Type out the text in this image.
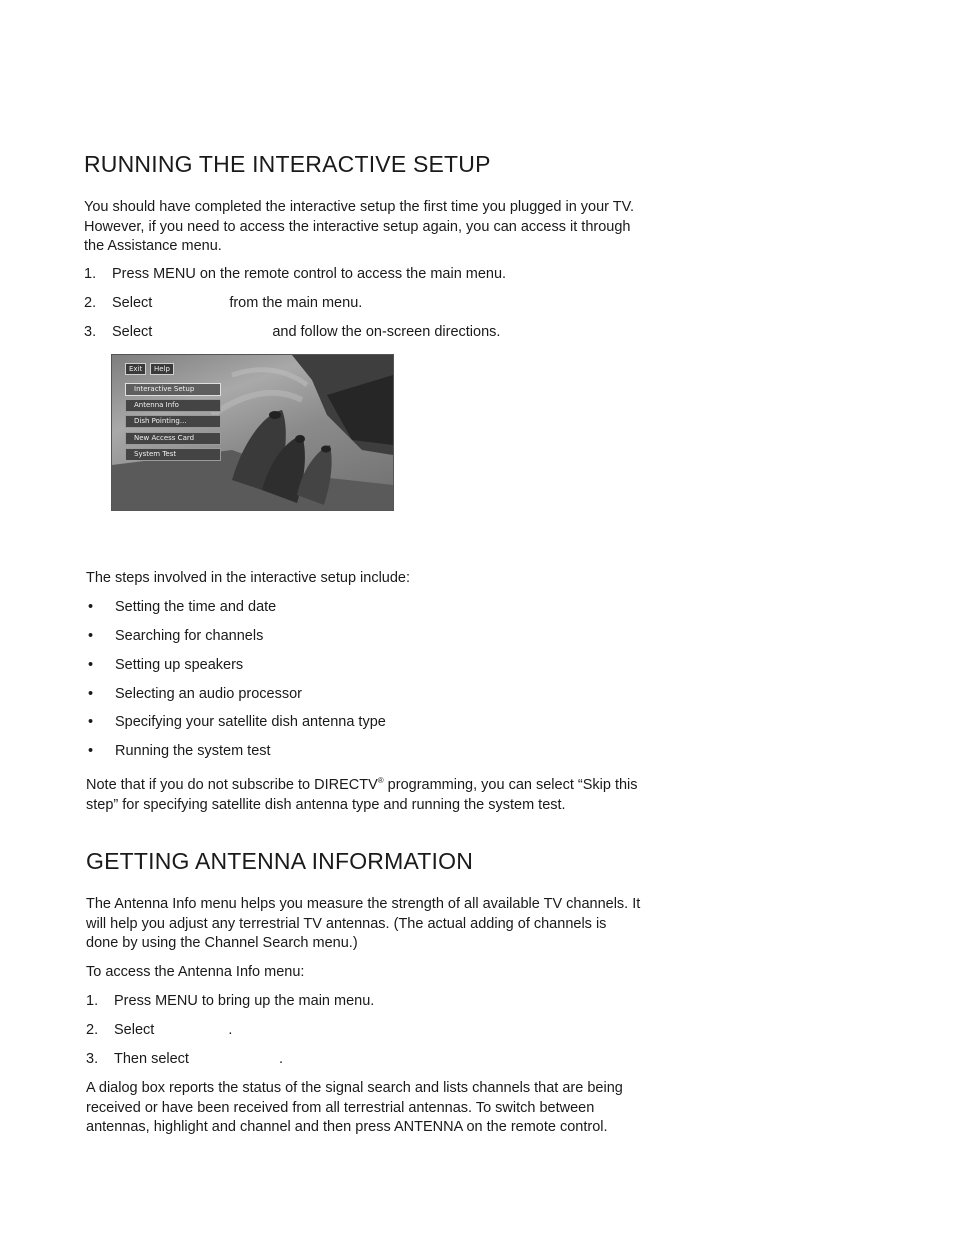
RUNNING THE INTERACTIVE SETUP

You should have completed the interactive setup the first time you plugged in your TV. However, if you need to access the interactive setup again, you can access it through the Assistance menu.

1. Press MENU on the remote control to access the main menu.
2. Select	from the main menu.
3. Select	and follow the on-screen directions.
Exit	Help
Interactive Setup
Antenna Info
Dish Pointing...
New Access Card
System Test

The steps involved in the interactive setup include:

• Setting the time and date
• Searching for channels
• Setting up speakers
• Selecting an audio processor
• Specifying your satellite dish antenna type
• Running the system test

Note that if you do not subscribe to DIRECTV® programming, you can select “Skip this step” for specifying satellite dish antenna type and running the system test.

GETTING ANTENNA INFORMATION

The Antenna Info menu helps you measure the strength of all available TV channels. It will help you adjust any terrestrial TV antennas. (The actual adding of channels is done by using the Channel Search menu.)

To access the Antenna Info menu:

1. Press MENU to bring up the main menu.
2. Select	.
3. Then select	.

A dialog box reports the status of the signal search and lists channels that are being received or have been received from all terrestrial antennas. To switch between antennas, highlight and channel and then press ANTENNA on the remote control.
